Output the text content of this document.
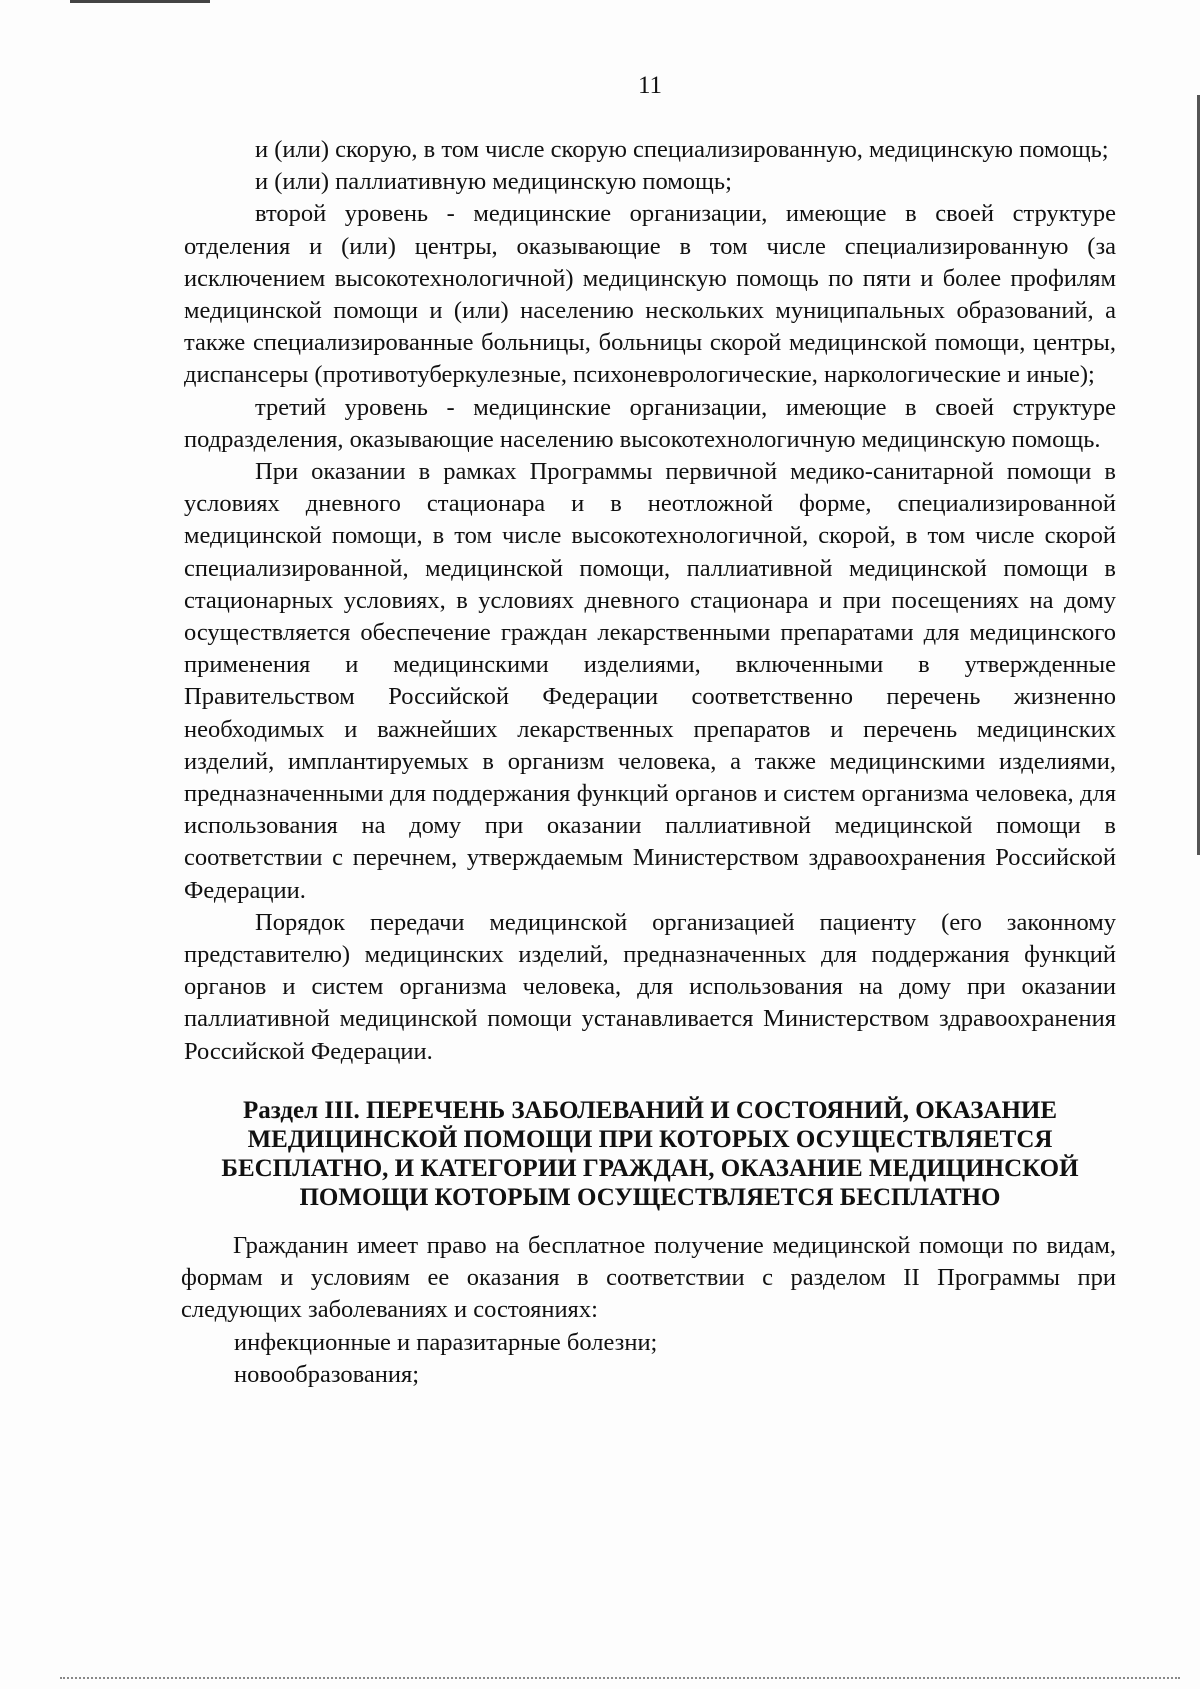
11

и (или) скорую, в том числе скорую специализированную, медицинскую помощь;

и (или) паллиативную медицинскую помощь;

второй уровень - медицинские организации, имеющие в своей структуре отделения и (или) центры, оказывающие в том числе специализированную (за исключением высокотехнологичной) медицинскую помощь по пяти и более профилям медицинской помощи и (или) населению нескольких муниципальных образований, а также специализированные больницы, больницы скорой медицинской помощи, центры, диспансеры (противотуберкулезные, психоневрологические, наркологические и иные);

третий уровень - медицинские организации, имеющие в своей структуре подразделения, оказывающие населению высокотехнологичную медицинскую помощь.

При оказании в рамках Программы первичной медико-санитарной помощи в условиях дневного стационара и в неотложной форме, специализированной медицинской помощи, в том числе высокотехнологичной, скорой, в том числе скорой специализированной, медицинской помощи, паллиативной медицинской помощи в стационарных условиях, в условиях дневного стационара и при посещениях на дому осуществляется обеспечение граждан лекарственными препаратами для медицинского применения и медицинскими изделиями, включенными в утвержденные Правительством Российской Федерации соответственно перечень жизненно необходимых и важнейших лекарственных препаратов и перечень медицинских изделий, имплантируемых в организм человека, а также медицинскими изделиями, предназначенными для поддержания функций органов и систем организма человека, для использования на дому при оказании паллиативной медицинской помощи в соответствии с перечнем, утверждаемым Министерством здравоохранения Российской Федерации.

Порядок передачи медицинской организацией пациенту (его законному представителю) медицинских изделий, предназначенных для поддержания функций органов и систем организма человека, для использования на дому при оказании паллиативной медицинской помощи устанавливается Министерством здравоохранения Российской Федерации.

Раздел III. ПЕРЕЧЕНЬ ЗАБОЛЕВАНИЙ И СОСТОЯНИЙ, ОКАЗАНИЕ МЕДИЦИНСКОЙ ПОМОЩИ ПРИ КОТОРЫХ ОСУЩЕСТВЛЯЕТСЯ БЕСПЛАТНО, И КАТЕГОРИИ ГРАЖДАН, ОКАЗАНИЕ МЕДИЦИНСКОЙ ПОМОЩИ КОТОРЫМ ОСУЩЕСТВЛЯЕТСЯ БЕСПЛАТНО

Гражданин имеет право на бесплатное получение медицинской помощи по видам, формам и условиям ее оказания в соответствии с разделом II Программы при следующих заболеваниях и состояниях:

инфекционные и паразитарные болезни;

новообразования;
